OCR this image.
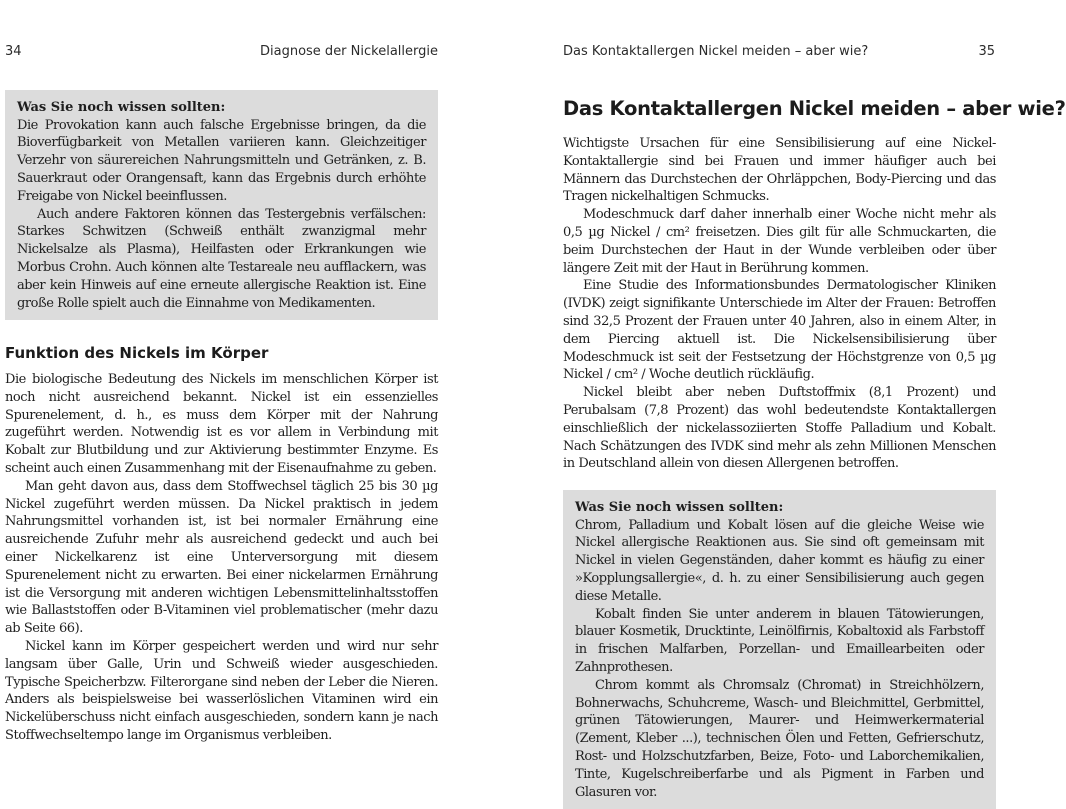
34	Diagnose der Nickelallergie
Was Sie noch wissen sollten:

Die Provokation kann auch falsche Ergebnisse bringen, da die Bioverfügbarkeit von Metallen variieren kann. Gleichzeitiger Verzehr von säurereichen Nahrungsmitteln und Getränken, z. B. Sauerkraut oder Orangensaft, kann das Ergebnis durch erhöhte Freigabe von Nickel beeinflussen.

Auch andere Faktoren können das Testergebnis verfälschen: Starkes Schwitzen (Schweiß enthält zwanzigmal mehr Nickelsalze als Plasma), Heilfasten oder Erkrankungen wie Morbus Crohn. Auch können alte Testareale neu aufflackern, was aber kein Hinweis auf eine erneute allergische Reaktion ist. Eine große Rolle spielt auch die Einnahme von Medikamenten.

Funktion des Nickels im Körper

Die biologische Bedeutung des Nickels im menschlichen Körper ist noch nicht ausreichend bekannt. Nickel ist ein essenzielles Spurenelement, d. h., es muss dem Körper mit der Nahrung zugeführt werden. Notwendig ist es vor allem in Verbindung mit Kobalt zur Blutbildung und zur Aktivierung bestimmter Enzyme. Es scheint auch einen Zusammenhang mit der Eisenaufnahme zu geben.

Man geht davon aus, dass dem Stoffwechsel täglich 25 bis 30 µg Nickel zugeführt werden müssen. Da Nickel praktisch in jedem Nahrungsmittel vorhanden ist, ist bei normaler Ernährung eine ausreichende Zufuhr mehr als ausreichend gedeckt und auch bei einer Nickelkarenz ist eine Unterversorgung mit diesem Spurenelement nicht zu erwarten. Bei einer nickelarmen Ernährung ist die Versorgung mit anderen wichtigen Lebensmittelinhaltsstoffen wie Ballaststoffen oder B-Vitaminen viel problematischer (mehr dazu ab Seite 66).

Nickel kann im Körper gespeichert werden und wird nur sehr langsam über Galle, Urin und Schweiß wieder ausgeschieden. Typische Speicherbzw. Filterorgane sind neben der Leber die Nieren. Anders als beispielsweise bei wasserlöslichen Vitaminen wird ein Nickelüberschuss nicht einfach ausgeschieden, sondern kann je nach Stoffwechseltempo lange im Organismus verbleiben.

Das Kontaktallergen Nickel meiden – aber wie?	35
Das Kontaktallergen Nickel meiden – aber wie?

Wichtigste Ursachen für eine Sensibilisierung auf eine Nickel-Kontaktallergie sind bei Frauen und immer häufiger auch bei Männern das Durchstechen der Ohrläppchen, Body-Piercing und das Tragen nickelhaltigen Schmucks.

Modeschmuck darf daher innerhalb einer Woche nicht mehr als 0,5 µg Nickel / cm² freisetzen. Dies gilt für alle Schmuckarten, die beim Durchstechen der Haut in der Wunde verbleiben oder über längere Zeit mit der Haut in Berührung kommen.

Eine Studie des Informationsbundes Dermatologischer Kliniken (IVDK) zeigt signifikante Unterschiede im Alter der Frauen: Betroffen sind 32,5 Prozent der Frauen unter 40 Jahren, also in einem Alter, in dem Piercing aktuell ist. Die Nickelsensibilisierung über Modeschmuck ist seit der Festsetzung der Höchstgrenze von 0,5 µg Nickel / cm² / Woche deutlich rückläufig.

Nickel bleibt aber neben Duftstoffmix (8,1 Prozent) und Perubalsam (7,8 Prozent) das wohl bedeutendste Kontaktallergen einschließlich der nickelassoziierten Stoffe Palladium und Kobalt. Nach Schätzungen des IVDK sind mehr als zehn Millionen Menschen in Deutschland allein von diesen Allergenen betroffen.

Was Sie noch wissen sollten:

Chrom, Palladium und Kobalt lösen auf die gleiche Weise wie Nickel allergische Reaktionen aus. Sie sind oft gemeinsam mit Nickel in vielen Gegenständen, daher kommt es häufig zu einer »Kopplungsallergie«, d. h. zu einer Sensibilisierung auch gegen diese Metalle.

Kobalt finden Sie unter anderem in blauen Tätowierungen, blauer Kosmetik, Drucktinte, Leinölfirnis, Kobaltoxid als Farbstoff in frischen Malfarben, Porzellan- und Emaillearbeiten oder Zahnprothesen.

Chrom kommt als Chromsalz (Chromat) in Streichhölzern, Bohnerwachs, Schuhcreme, Wasch- und Bleichmittel, Gerbmittel, grünen Tätowierungen, Maurer- und Heimwerkermaterial (Zement, Kleber ...), technischen Ölen und Fetten, Gefrierschutz, Rost- und Holzschutzfarben, Beize, Foto- und Laborchemikalien, Tinte, Kugelschreiberfarbe und als Pigment in Farben und Glasuren vor.
